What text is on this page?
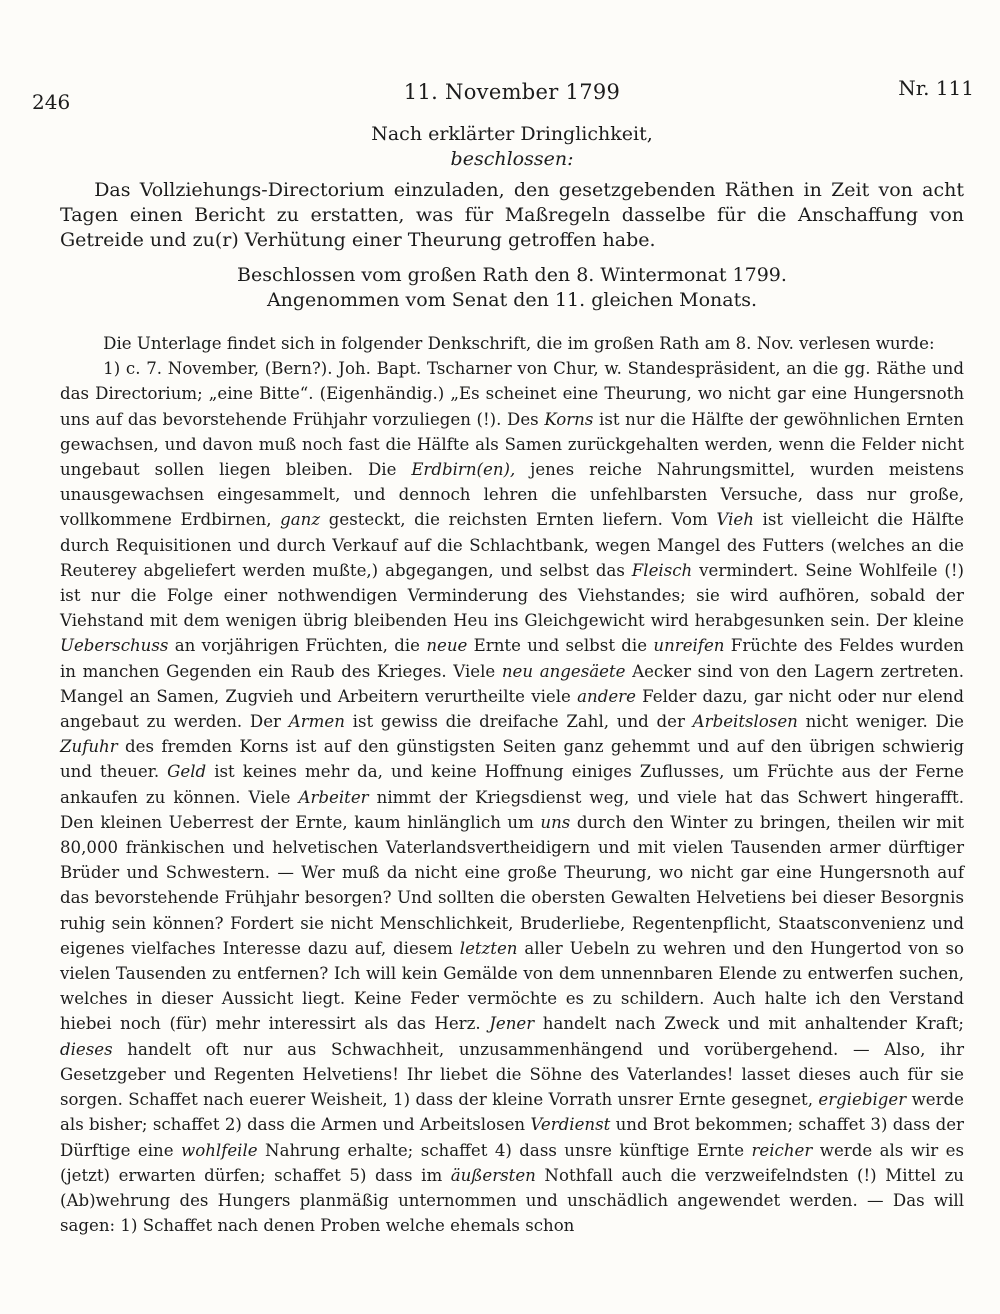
246	11. November 1799	Nr. 111

Nach erklärter Dringlichkeit,

beschlossen:

Das Vollziehungs-Directorium einzuladen, den gesetzgebenden Räthen in Zeit von acht Tagen einen Bericht zu erstatten, was für Maßregeln dasselbe für die Anschaffung von Getreide und zu(r) Verhütung einer Theurung getroffen habe.

Beschlossen vom großen Rath den 8. Wintermonat 1799.

Angenommen vom Senat den 11. gleichen Monats.

Die Unterlage findet sich in folgender Denkschrift, die im großen Rath am 8. Nov. verlesen wurde:

1) c. 7. November, (Bern?). Joh. Bapt. Tscharner von Chur, w. Standespräsident, an die gg. Räthe und das Directorium; „eine Bitte“. (Eigenhändig.) „Es scheinet eine Theurung, wo nicht gar eine Hungersnoth uns auf das bevorstehende Frühjahr vorzuliegen (!). Des Korns ist nur die Hälfte der gewöhnlichen Ernten gewachsen, und davon muß noch fast die Hälfte als Samen zurückgehalten werden, wenn die Felder nicht ungebaut sollen liegen bleiben. Die Erdbirn(en), jenes reiche Nahrungsmittel, wurden meistens unausgewachsen eingesammelt, und dennoch lehren die unfehlbarsten Versuche, dass nur große, vollkommene Erdbirnen, ganz gesteckt, die reichsten Ernten liefern. Vom Vieh ist vielleicht die Hälfte durch Requisitionen und durch Verkauf auf die Schlachtbank, wegen Mangel des Futters (welches an die Reuterey abgeliefert werden mußte,) abgegangen, und selbst das Fleisch vermindert. Seine Wohlfeile (!) ist nur die Folge einer nothwendigen Verminderung des Viehstandes; sie wird aufhören, sobald der Viehstand mit dem wenigen übrig bleibenden Heu ins Gleichgewicht wird herabgesunken sein. Der kleine Ueberschuss an vorjährigen Früchten, die neue Ernte und selbst die unreifen Früchte des Feldes wurden in manchen Gegenden ein Raub des Krieges. Viele neu angesäete Aecker sind von den Lagern zertreten. Mangel an Samen, Zugvieh und Arbeitern verurtheilte viele andere Felder dazu, gar nicht oder nur elend angebaut zu werden. Der Armen ist gewiss die dreifache Zahl, und der Arbeitslosen nicht weniger. Die Zufuhr des fremden Korns ist auf den günstigsten Seiten ganz gehemmt und auf den übrigen schwierig und theuer. Geld ist keines mehr da, und keine Hoffnung einiges Zuflusses, um Früchte aus der Ferne ankaufen zu können. Viele Arbeiter nimmt der Kriegsdienst weg, und viele hat das Schwert hingerafft. Den kleinen Ueberrest der Ernte, kaum hinlänglich um uns durch den Winter zu bringen, theilen wir mit 80,000 fränkischen und helvetischen Vaterlandsvertheidigern und mit vielen Tausenden armer dürftiger Brüder und Schwestern. — Wer muß da nicht eine große Theurung, wo nicht gar eine Hungersnoth auf das bevorstehende Frühjahr besorgen? Und sollten die obersten Gewalten Helvetiens bei dieser Besorgnis ruhig sein können? Fordert sie nicht Menschlichkeit, Bruderliebe, Regentenpflicht, Staatsconvenienz und eigenes vielfaches Interesse dazu auf, diesem letzten aller Uebeln zu wehren und den Hungertod von so vielen Tausenden zu entfernen? Ich will kein Gemälde von dem unnennbaren Elende zu entwerfen suchen, welches in dieser Aussicht liegt. Keine Feder vermöchte es zu schildern. Auch halte ich den Verstand hiebei noch (für) mehr interessirt als das Herz. Jener handelt nach Zweck und mit anhaltender Kraft; dieses handelt oft nur aus Schwachheit, unzusammenhängend und vorübergehend. — Also, ihr Gesetzgeber und Regenten Helvetiens! Ihr liebet die Söhne des Vaterlandes! lasset dieses auch für sie sorgen. Schaffet nach euerer Weisheit, 1) dass der kleine Vorrath unsrer Ernte gesegnet, ergiebiger werde als bisher; schaffet 2) dass die Armen und Arbeitslosen Verdienst und Brot bekommen; schaffet 3) dass der Dürftige eine wohlfeile Nahrung erhalte; schaffet 4) dass unsre künftige Ernte reicher werde als wir es (jetzt) erwarten dürfen; schaffet 5) dass im äußersten Nothfall auch die verzweifelndsten (!) Mittel zu (Ab)wehrung des Hungers planmäßig unternommen und unschädlich angewendet werden. — Das will sagen: 1) Schaffet nach denen Proben welche ehemals schon
